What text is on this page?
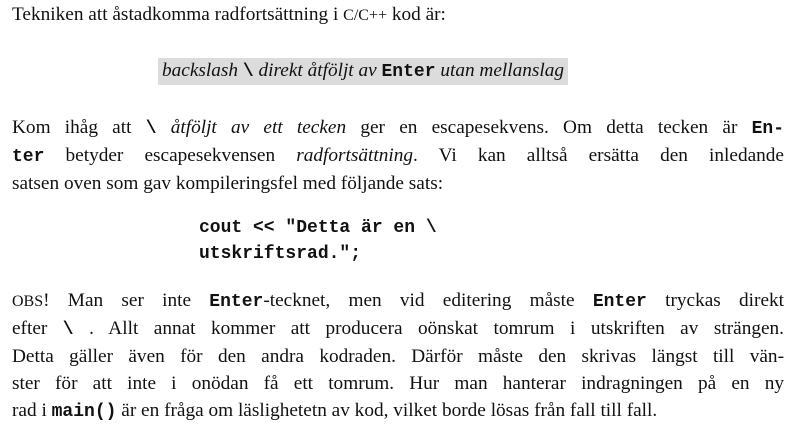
Tekniken att åstadkomma radfortsättning i C/C++ kod är:
backslash \ direkt åtföljt av Enter utan mellanslag
Kom ihåg att \ åtföljt av ett tecken ger en escapesekvens. Om detta tecken är En-
ter betyder escapesekvensen radfortsättning. Vi kan alltså ersätta den inledande
satsen oven som gav kompileringsfel med följande sats:
cout << "Detta är en \
utskriftsrad.";
OBS! Man ser inte Enter-tecknet, men vid editering måste Enter tryckas direkt
efter \ . Allt annat kommer att producera oönskat tomrum i utskriften av strängen.
Detta gäller även för den andra kodraden. Därför måste den skrivas längst till vän-
ster för att inte i onödan få ett tomrum. Hur man hanterar indragningen på en ny
rad i main() är en fråga om läslighetetn av kod, vilket borde lösas från fall till fall.
